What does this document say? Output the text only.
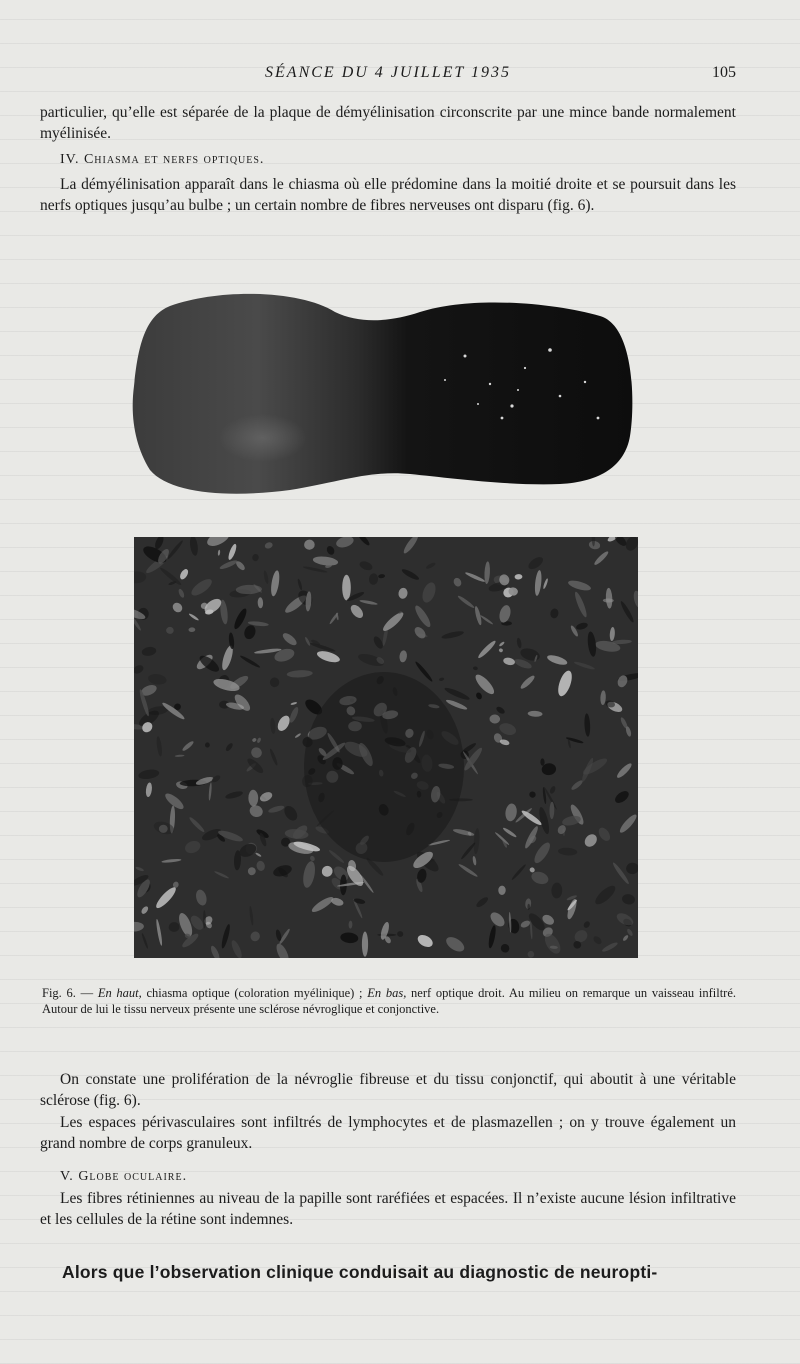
SÉANCE DU 4 JUILLET 1935	105

particulier, qu’elle est séparée de la plaque de démyélinisation circonscrite par une mince bande normalement myélinisée.

IV. Chiasma et nerfs optiques.

La démyélinisation apparaît dans le chiasma où elle prédomine dans la moitié droite et se poursuit dans les nerfs optiques jusqu’au bulbe ; un certain nombre de fibres nerveuses ont disparu (fig. 6).

Fig. 6. — En haut, chiasma optique (coloration myélinique) ; En bas, nerf optique droit. Au milieu on remarque un vaisseau infiltré. Autour de lui le tissu nerveux présente une sclérose névroglique et conjonctive.

On constate une prolifération de la névroglie fibreuse et du tissu conjonctif, qui aboutit à une véritable sclérose (fig. 6).

Les espaces périvasculaires sont infiltrés de lymphocytes et de plasmazellen ; on y trouve également un grand nombre de corps granuleux.

V. Globe oculaire.

Les fibres rétiniennes au niveau de la papille sont raréfiées et espacées. Il n’existe aucune lésion infiltrative et les cellules de la rétine sont indemnes.

Alors que l’observation clinique conduisait au diagnostic de neuropti-
